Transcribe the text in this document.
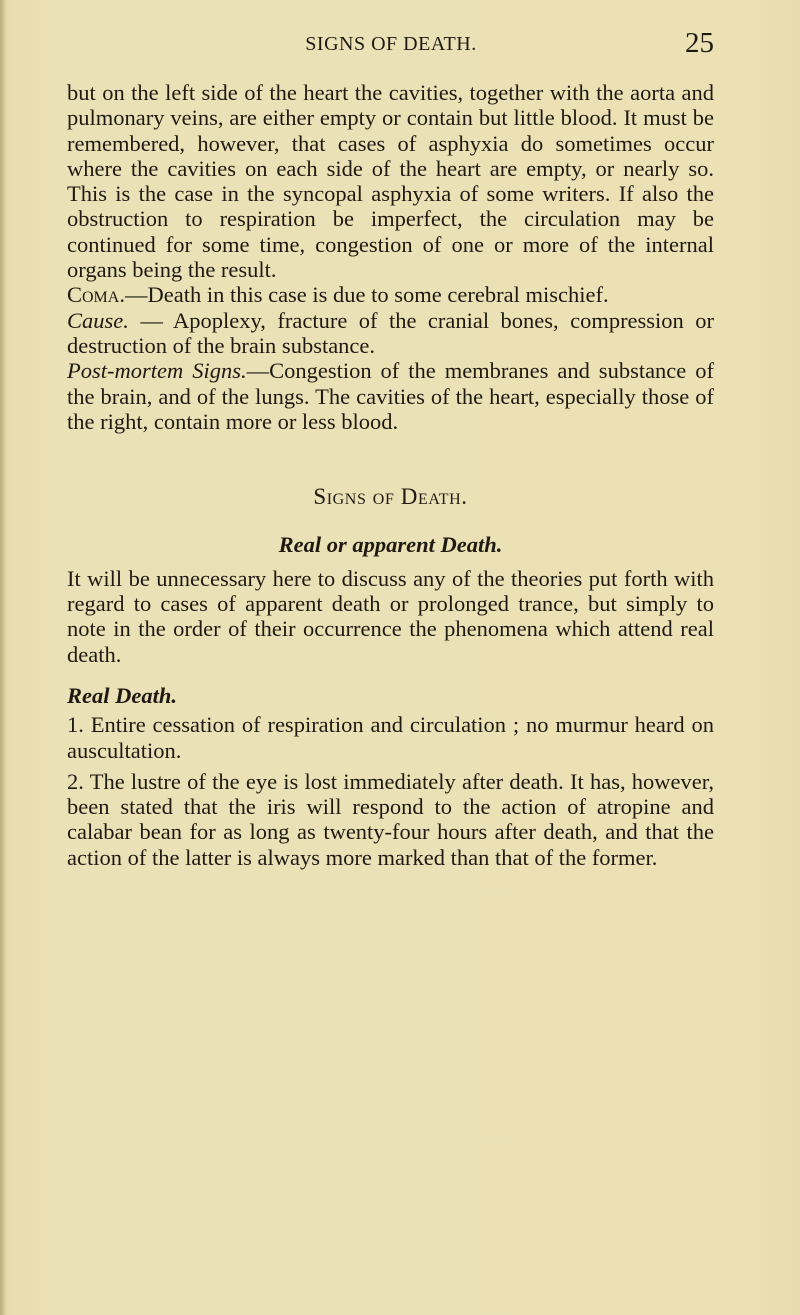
SIGNS OF DEATH.	25

but on the left side of the heart the cavities, together with the aorta and pulmonary veins, are either empty or contain but little blood. It must be remembered, however, that cases of asphyxia do sometimes occur where the cavities on each side of the heart are empty, or nearly so. This is the case in the syncopal asphyxia of some writers. If also the obstruction to respiration be imperfect, the circulation may be continued for some time, congestion of one or more of the internal organs being the result.

Coma.—Death in this case is due to some cerebral mischief.

Cause. — Apoplexy, fracture of the cranial bones, compression or destruction of the brain substance.

Post-mortem Signs.—Congestion of the membranes and substance of the brain, and of the lungs. The cavities of the heart, especially those of the right, contain more or less blood.

Signs of Death.

Real or apparent Death.

It will be unnecessary here to discuss any of the theories put forth with regard to cases of apparent death or prolonged trance, but simply to note in the order of their occurrence the phenomena which attend real death.

Real Death.

1. Entire cessation of respiration and circulation ; no murmur heard on auscultation.

2. The lustre of the eye is lost immediately after death. It has, however, been stated that the iris will respond to the action of atropine and calabar bean for as long as twenty-four hours after death, and that the action of the latter is always more marked than that of the former.
